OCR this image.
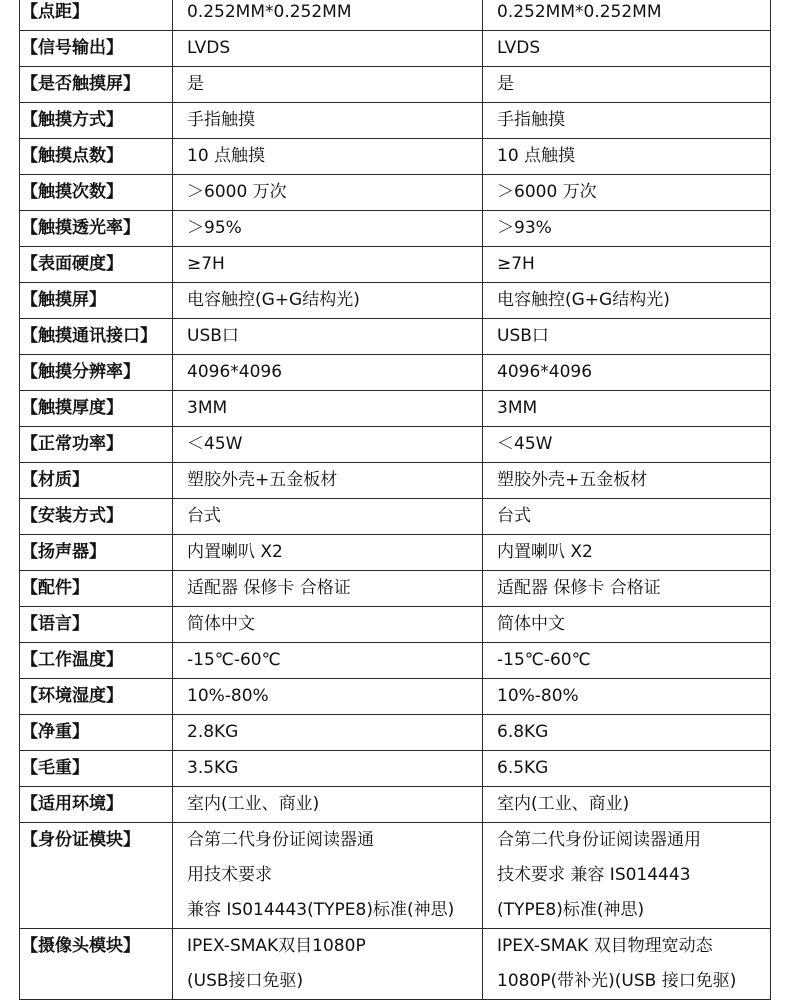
【点距】	0.252MM*0.252MM	0.252MM*0.252MM
【信号输出】	LVDS	LVDS
【是否触摸屏】	是	是
【触摸方式】	手指触摸	手指触摸
【触摸点数】	10 点触摸	10 点触摸
【触摸次数】	＞6000 万次	＞6000 万次
【触摸透光率】	＞95%	＞93%
【表面硬度】	≥7H	≥7H
【触摸屏】	电容触控(G+G结构光)	电容触控(G+G结构光)
【触摸通讯接口】	USB口	USB口
【触摸分辨率】	4096*4096	4096*4096
【触摸厚度】	3MM	3MM
【正常功率】	＜45W	＜45W
【材质】	塑胶外壳+五金板材	塑胶外壳+五金板材
【安装方式】	台式	台式
【扬声器】	内置喇叭 X2	内置喇叭 X2
【配件】	适配器 保修卡 合格证	适配器 保修卡 合格证
【语言】	简体中文	简体中文
【工作温度】	-15℃-60℃	-15℃-60℃
【环境湿度】	10%-80%	10%-80%
【净重】	2.8KG	6.8KG
【毛重】	3.5KG	6.5KG
【适用环境】	室内(工业、商业)	室内(工业、商业)
【身份证模块】	合第二代身份证阅读器通
用技术要求
兼容 IS014443(TYPE8)标准(神思)	合第二代身份证阅读器通用
技术要求 兼容 IS014443
(TYPE8)标准(神思)
【摄像头模块】	IPEX-SMAK双目1080P
(USB接口免驱)	IPEX-SMAK 双目物理宽动态
1080P(带补光)(USB 接口免驱)
